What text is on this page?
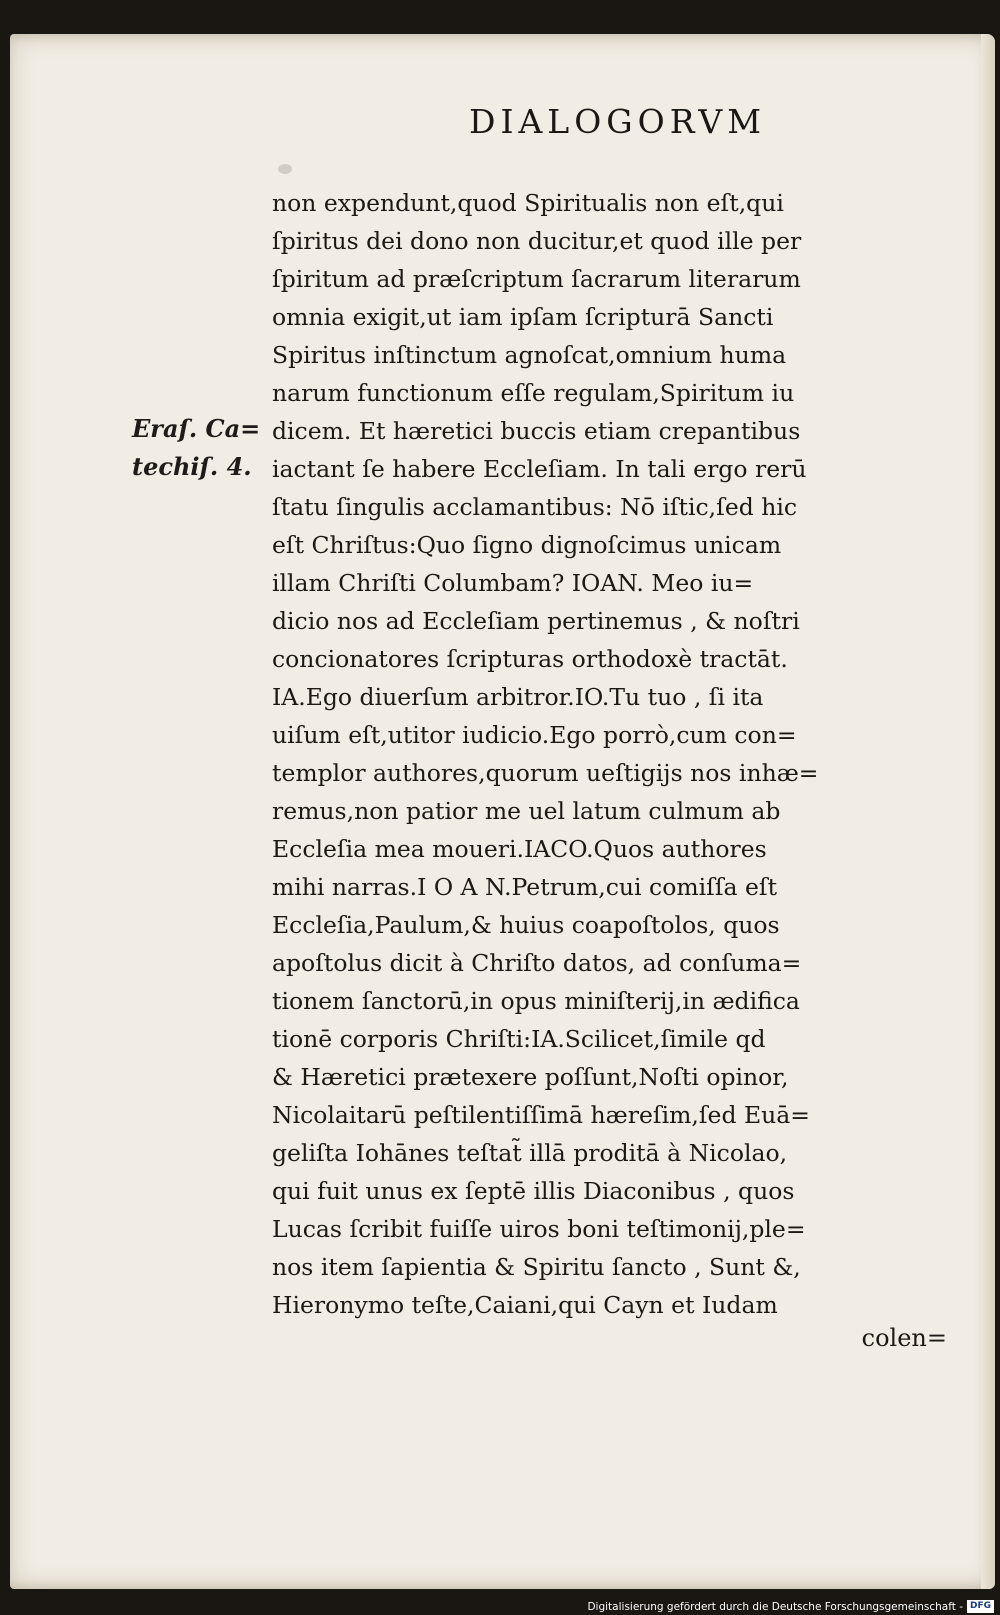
DIALOGORVM
Eraſ. Ca=
techiſ. 4.
non expendunt,quod Spiritualis non eſt,qui
ſpiritus dei dono non ducitur,et quod ille per
ſpiritum ad præſcriptum ſacrarum literarum
omnia exigit,ut iam ipſam ſcripturā Sancti
Spiritus inſtinctum agnoſcat,omnium huma
narum functionum eſſe regulam,Spiritum iu
dicem. Et hæretici buccis etiam crepantibus
iactant ſe habere Eccleſiam. In tali ergo rerū
ſtatu ſingulis acclamantibus: Nō iſtic,ſed hic
eſt Chriſtus:Quo ſigno dignoſcimus unicam
illam Chriſti Columbam? IOAN. Meo iu=
dicio nos ad Eccleſiam pertinemus , & noſtri
concionatores ſcripturas orthodoxè tractāt.
IA.Ego diuerſum arbitror.IO.Tu tuo , ſi ita
uiſum eſt,utitor iudicio.Ego porrò,cum con=
templor authores,quorum ueſtigijs nos inhæ=
remus,non patior me uel latum culmum ab
Eccleſia mea moueri.IACO.Quos authores
mihi narras.I O A N.Petrum,cui comiſſa eſt
Eccleſia,Paulum,& huius coapoſtolos, quos
apoſtolus dicit à Chriſto datos, ad conſuma=
tionem ſanctorū,in opus miniſterij,in ædifica
tionē corporis Chriſti:IA.Scilicet,ſimile qd
& Hæretici prætexere poſſunt,Noſti opinor,
Nicolaitarū peſtilentiſſimā hæreſim,ſed Euā=
geliſta Iohānes teſtat̃ illā proditā à Nicolao,
qui fuit unus ex ſeptē illis Diaconibus , quos
Lucas ſcribit fuiſſe uiros boni teſtimonij,ple=
nos item ſapientia & Spiritu ſancto , Sunt &,
Hieronymo teſte,Caiani,qui Cayn et Iudam
colen=
Digitalisierung gefördert durch die Deutsche Forschungsgemeinschaft - DFG
